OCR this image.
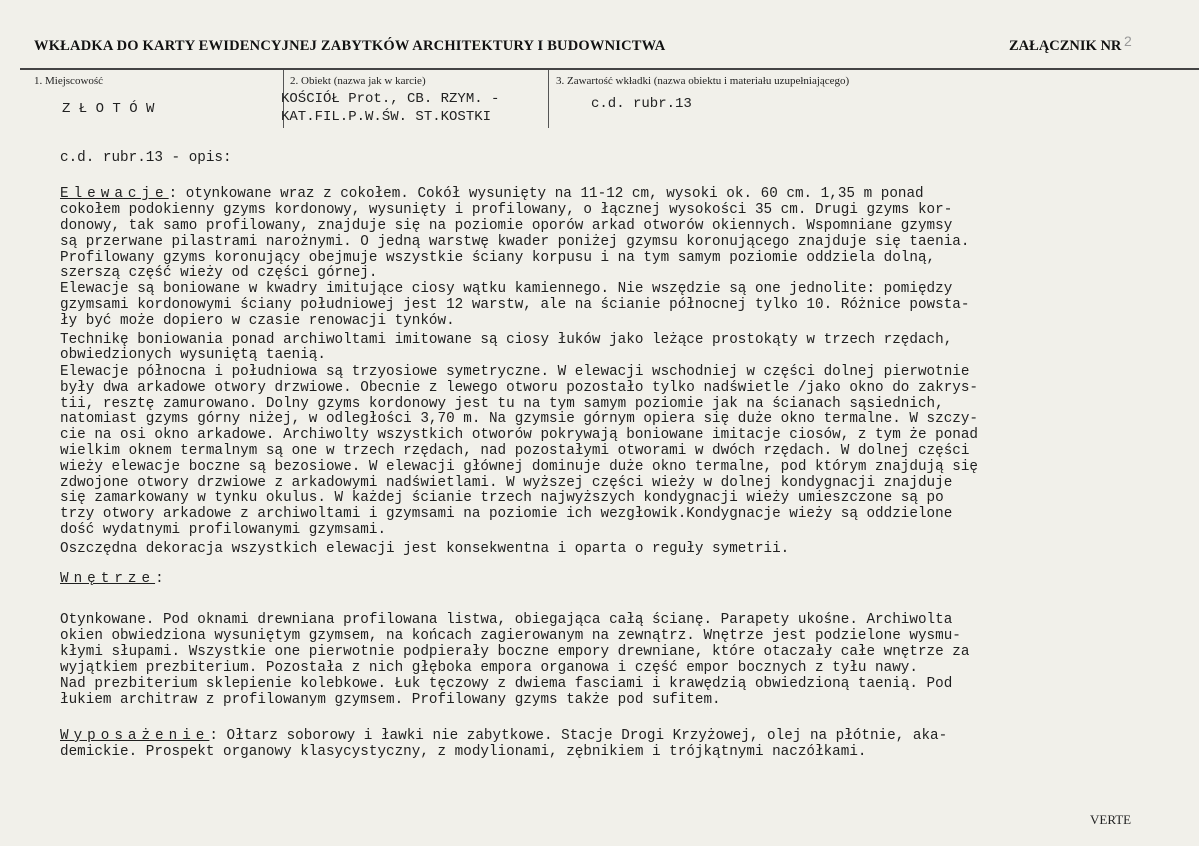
WKŁADKA DO KARTY EWIDENCYJNEJ ZABYTKÓW ARCHITEKTURY I BUDOWNICTWA	ZAŁĄCZNIK NR 2
1. Miejscowość
Z Ł O T Ó W
2. Obiekt (nazwa jak w karcie)
KOŚCIÓŁ Prot., CB. RZYM. -
KAT.FIL.P.W.ŚW. ST.KOSTKI
3. Zawartość wkładki (nazwa obiektu i materiału uzupełniającego)
c.d. rubr.13
c.d. rubr.13 - opis:
Elewacje: otynkowane wraz z cokołem. Cokół wysunięty na 11-12 cm, wysoki ok. 60 cm. 1,35 m ponad
cokołem podokienny gzyms kordonowy, wysunięty i profilowany, o łącznej wysokości 35 cm. Drugi gzyms kor-
donowy, tak samo profilowany, znajduje się na poziomie oporów arkad otworów okiennych. Wspomniane gzymsy
są przerwane pilastrami narożnymi. O jedną warstwę kwader poniżej gzymsu koronującego znajduje się taenia.
Profilowany gzyms koronujący obejmuje wszystkie ściany korpusu i na tym samym poziomie oddziela dolną,
szerszą część wieży od części górnej.
Elewacje są boniowane w kwadry imitujące ciosy wątku kamiennego. Nie wszędzie są one jednolite: pomiędzy
gzymsami kordonowymi ściany południowej jest 12 warstw, ale na ścianie północnej tylko 10. Różnice powsta-
ły być może dopiero w czasie renowacji tynków.
Technikę boniowania ponad archiwoltami imitowane są ciosy łuków jako leżące prostokąty w trzech rzędach,
obwiedzionych wysuniętą taenią.
Elewacje północna i południowa są trzyosiowe symetryczne. W elewacji wschodniej w części dolnej pierwotnie
były dwa arkadowe otwory drzwiowe. Obecnie z lewego otworu pozostało tylko nadświetle /jako okno do zakrys-
tii, resztę zamurowano. Dolny gzyms kordonowy jest tu na tym samym poziomie jak na ścianach sąsiednich,
natomiast gzyms górny niżej, w odległości 3,70 m. Na gzymsie górnym opiera się duże okno termalne. W szczy-
cie na osi okno arkadowe. Archiwolty wszystkich otworów pokrywają boniowane imitacje ciosów, z tym że ponad
wielkim oknem termalnym są one w trzech rzędach, nad pozostałymi otworami w dwóch rzędach. W dolnej części
wieży elewacje boczne są bezosiowe. W elewacji głównej dominuje duże okno termalne, pod którym znajdują się
zdwojone otwory drzwiowe z arkadowymi nadświetlami. W wyższej części wieży w dolnej kondygnacji znajduje
się zamarkowany w tynku okulus. W każdej ścianie trzech najwyższych kondygnacji wieży umieszczone są po
trzy otwory arkadowe z archiwoltami i gzymsami na poziomie ich wezgłowik.Kondygnacje wieży są oddzielone
dość wydatnymi profilowanymi gzymsami.
Oszczędna dekoracja wszystkich elewacji jest konsekwentna i oparta o reguły symetrii.
Wnętrze:
Otynkowane. Pod oknami drewniana profilowana listwa, obiegająca całą ścianę. Parapety ukośne. Archiwolta
okien obwiedziona wysuniętym gzymsem, na końcach zagierowanym na zewnątrz. Wnętrze jest podzielone wysmu-
kłymi słupami. Wszystkie one pierwotnie podpierały boczne empory drewniane, które otaczały całe wnętrze za
wyjątkiem prezbiterium. Pozostała z nich głęboka empora organowa i część empor bocznych z tyłu nawy.
Nad prezbiterium sklepienie kolebkowe. Łuk tęczowy z dwiema fasciami i krawędzią obwiedzioną taenią. Pod
łukiem architraw z profilowanym gzymsem. Profilowany gzyms także pod sufitem.
Wyposażenie: Ołtarz soborowy i ławki nie zabytkowe. Stacje Drogi Krzyżowej, olej na płótnie, aka-
demickie. Prospekt organowy klasycystyczny, z modylionami, zębnikiem i trójkątnymi naczółkami.
VERTE
